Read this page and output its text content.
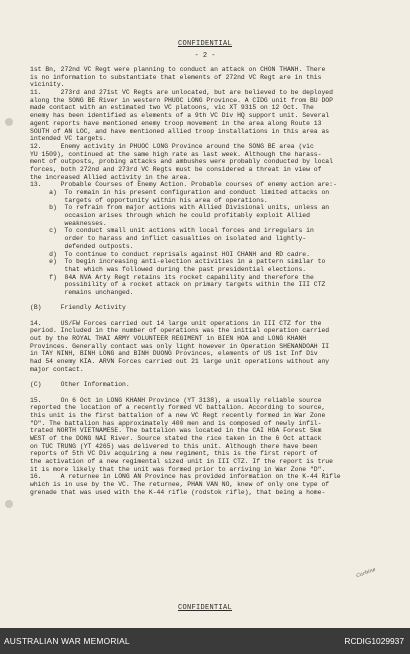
CONFIDENTIAL
- 2 -
1st Bn, 272nd VC Regt were planning to conduct an attack on CHON THANH. There
is no information to substantiate that elements of 272nd VC Regt are in this
vicinity.
11.     273rd and 271st VC Regts are unlocated, but are believed to be deployed
along the SONG BE River in western PHUOC LONG Province. A CIDG unit from BU DOP
made contact with an estimated two VC platoons, vic XT 9315 on 12 Oct. The
enemy has been identified as elements of a 9th VC Div HQ support unit. Several
agent reports have mentioned enemy troop movement in the area along Route 13
SOUTH of AN LOC, and have mentioned allied troop installations in this area as
intended VC targets.
12.     Enemy activity in PHUOC LONG Province around the SONG BE area (vic
YU 1509), continued at the same high rate as last week. Although the harass-
ment of outposts, probing attacks and ambushes were probably conducted by local
forces, both 272nd and 273rd VC Regts must be considered a threat in view of
the increased Allied activity in the area.
13.     Probable Courses of Enemy Action. Probable courses of enemy action are:-
a)  To remain in his present configuration and conduct limited attacks on
targets of opportunity within his area of operations.
b)  To refrain from major actions with Allied Divisional units, unless an
occasion arises through which he could profitably exploit Allied
weaknesses.
c)  To conduct small unit actions with local forces and irregulars in
order to harass and inflict casualties on isolated and lightly-
defended outposts.
d)  To continue to conduct reprisals against HOI CHANH and RD cadre.
e)  To begin increasing anti-election activities in a pattern similar to
that which was followed during the past presidential elections.
f)  84A NVA Arty Regt retains its rocket capability and therefore the
possibility of a rocket attack on primary targets within the III CTZ
remains unchanged.
(B)     Friendly Activity
14.     US/FW Forces carried out 14 large unit operations in III CTZ for the
period. Included in the number of operations was the initial operation carried
out by the ROYAL THAI ARMY VOLUNTEER REGIMENT in BIEN HOA and LONG KHANH
Provinces. Generally contact was only light however in Operation SHENANDOAH II
in TAY NINH, BINH LONG and BINH DUONG Provinces, elements of US 1st Inf Div
had 54 enemy KIA. ARVN Forces carried out 21 large unit operations without any
major contact.
(C)     Other Information.
15.     On 6 Oct in LONG KHANH Province (YT 3138), a usually reliable source
reported the location of a recently formed VC battalion. According to source,
this unit is the first battalion of a new VC Regt recently formed in War Zone
"D". The battalion has approximately 400 men and is composed of newly infil-
trated NORTH VIETNAMESE. The battalion was located in the CAI HOA Forest 5km
WEST of the DONG NAI River. Source stated the rice taken in the 6 Oct attack
on TUC TRUNG (YT 4265) was delivered to this unit. Although there have been
reports of 5th VC Div acquiring a new regiment, this is the first report of
the activation of a new regimental sized unit in III CTZ. If the report is true
it is more likely that the unit was formed prior to arriving in War Zone "D".
16.     A returnee in LONG AN Province has provided information on the K-44 Rifle
which is in use by the VC. The returnee, PHAN VAN NO, knew of only one type of
grenade that was used with the K-44 rifle (rodstok rifle), that being a home-
Carbine
CONFIDENTIAL
AUSTRALIAN WAR MEMORIAL	RCDIG1029937
